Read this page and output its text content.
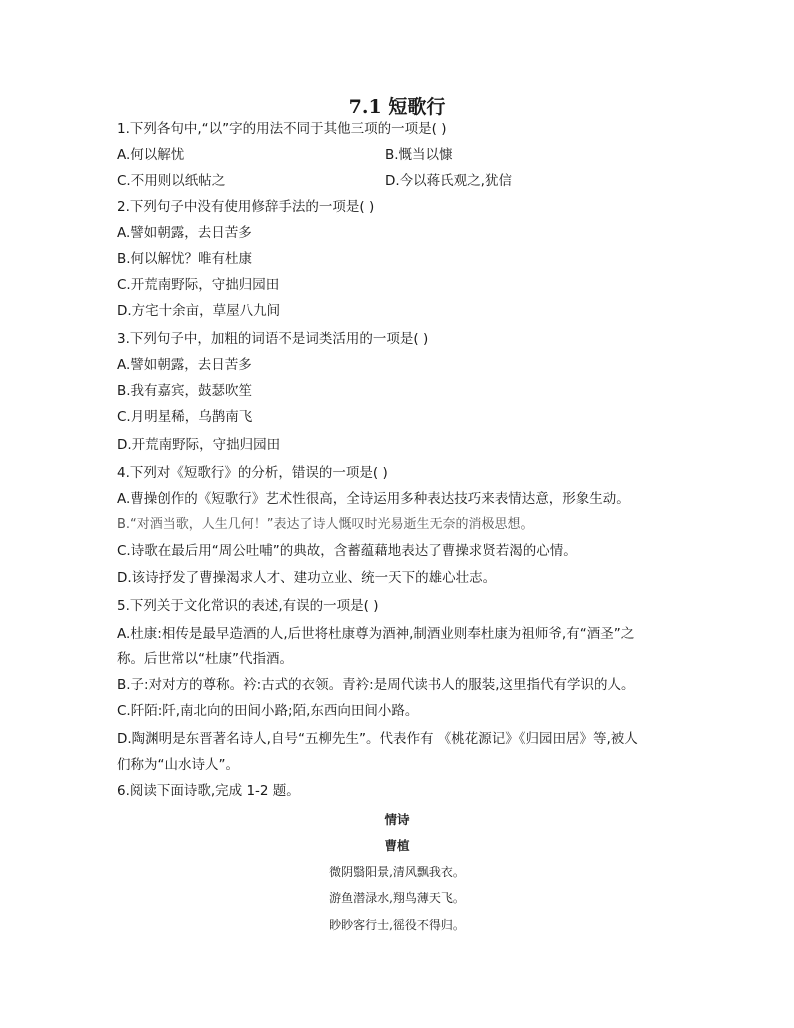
7.1 短歌行
1.下列各句中,“以”字的用法不同于其他三项的一项是( )
A.何以解忧	B.慨当以慷
C.不用则以纸帖之	D.今以蒋氏观之,犹信
2.下列句子中没有使用修辞手法的一项是( )
A.譬如朝露，去日苦多
B.何以解忧？唯有杜康
C.开荒南野际，守拙归园田
D.方宅十余亩，草屋八九间
3.下列句子中，加粗的词语不是词类活用的一项是( )
A.譬如朝露，去日苦多
B.我有嘉宾，鼓瑟吹笙
C.月明星稀，乌鹊南飞
D.开荒南野际，守拙归园田
4.下列对《短歌行》的分析，错误的一项是( )
A.曹操创作的《短歌行》艺术性很高，全诗运用多种表达技巧来表情达意，形象生动。
B.“对酒当歌，人生几何！”表达了诗人慨叹时光易逝生无奈的消极思想。
C.诗歌在最后用“周公吐哺”的典故，含蓄蕴藉地表达了曹操求贤若渴的心情。
D.该诗抒发了曹操渴求人才、建功立业、统一天下的雄心壮志。
5.下列关于文化常识的表述,有误的一项是( )
A.杜康:相传是最早造酒的人,后世将杜康尊为酒神,制酒业则奉杜康为祖师爷,有“酒圣”之
称。后世常以“杜康”代指酒。
B.子:对对方的尊称。衿:古式的衣领。青衿:是周代读书人的服装,这里指代有学识的人。
C.阡陌:阡,南北向的田间小路;陌,东西向田间小路。
D.陶渊明是东晋著名诗人,自号“五柳先生”。代表作有 《桃花源记》《归园田居》等,被人
们称为“山水诗人”。
6.阅读下面诗歌,完成 1-2 题。
情诗
曹植
微阴翳阳景,清风飘我衣。
游鱼潜渌水,翔鸟薄天飞。
眇眇客行士,徭役不得归。
